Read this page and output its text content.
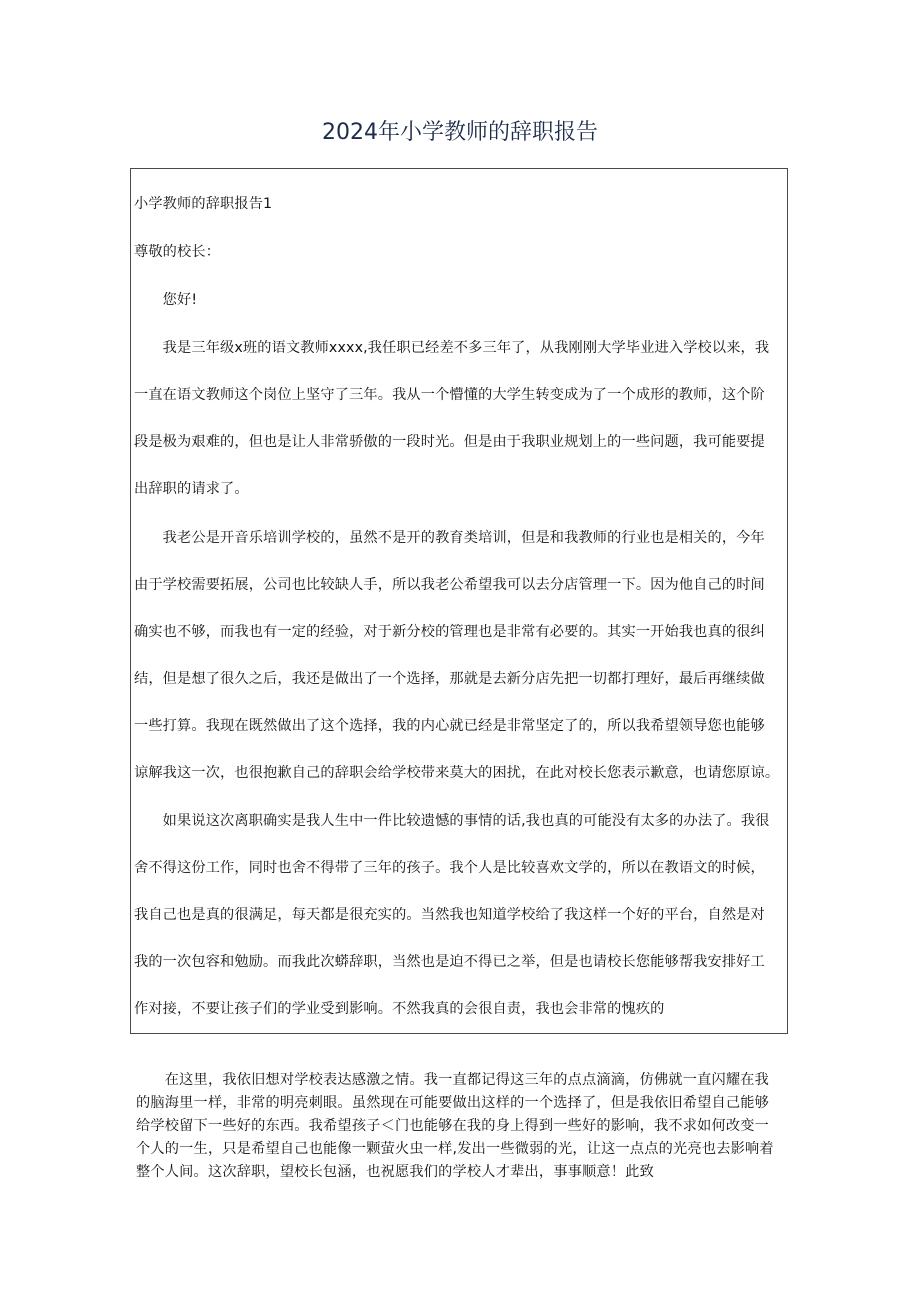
2024年小学教师的辞职报告

小学教师的辞职报告1

尊敬的校长：

　　您好!

　　我是三年级x班的语文教师xxxx,我任职已经差不多三年了，从我刚刚大学毕业进入学校以来，我

一直在语文教师这个岗位上坚守了三年。我从一个懵懂的大学生转变成为了一个成形的教师，这个阶

段是极为艰难的，但也是让人非常骄傲的一段时光。但是由于我职业规划上的一些问题，我可能要提

出辞职的请求了。

　　我老公是开音乐培训学校的，虽然不是开的教育类培训，但是和我教师的行业也是相关的，今年

由于学校需要拓展，公司也比较缺人手，所以我老公希望我可以去分店管理一下。因为他自己的时间

确实也不够，而我也有一定的经验，对于新分校的管理也是非常有必要的。其实一开始我也真的很纠

结，但是想了很久之后，我还是做出了一个选择，那就是去新分店先把一切都打理好，最后再继续做

一些打算。我现在既然做出了这个选择，我的内心就已经是非常坚定了的，所以我希望领导您也能够

谅解我这一次，也很抱歉自己的辞职会给学校带来莫大的困扰，在此对校长您表示歉意，也请您原谅。

　　如果说这次离职确实是我人生中一件比较遗憾的事情的话,我也真的可能没有太多的办法了。我很

舍不得这份工作，同时也舍不得带了三年的孩子。我个人是比较喜欢文学的，所以在教语文的时候，

我自己也是真的很满足，每天都是很充实的。当然我也知道学校给了我这样一个好的平台，自然是对

我的一次包容和勉励。而我此次蟒辞职，当然也是迫不得已之举，但是也请校长您能够帮我安排好工

作对接，不要让孩子们的学业受到影响。不然我真的会很自责，我也会非常的愧疚的

　　在这里，我依旧想对学校表达感激之情。我一直都记得这三年的点点滴滴，仿佛就一直闪耀在我

的脑海里一样，非常的明亮刺眼。虽然现在可能要做出这样的一个选择了，但是我依旧希望自己能够

给学校留下一些好的东西。我希望孩子＜门也能够在我的身上得到一些好的影响，我不求如何改变一

个人的一生，只是希望自己也能像一颗萤火虫一样,发出一些微弱的光，让这一点点的光亮也去影响着

整个人间。这次辞职，望校长包涵，也祝愿我们的学校人才辈出，事事顺意！此致
